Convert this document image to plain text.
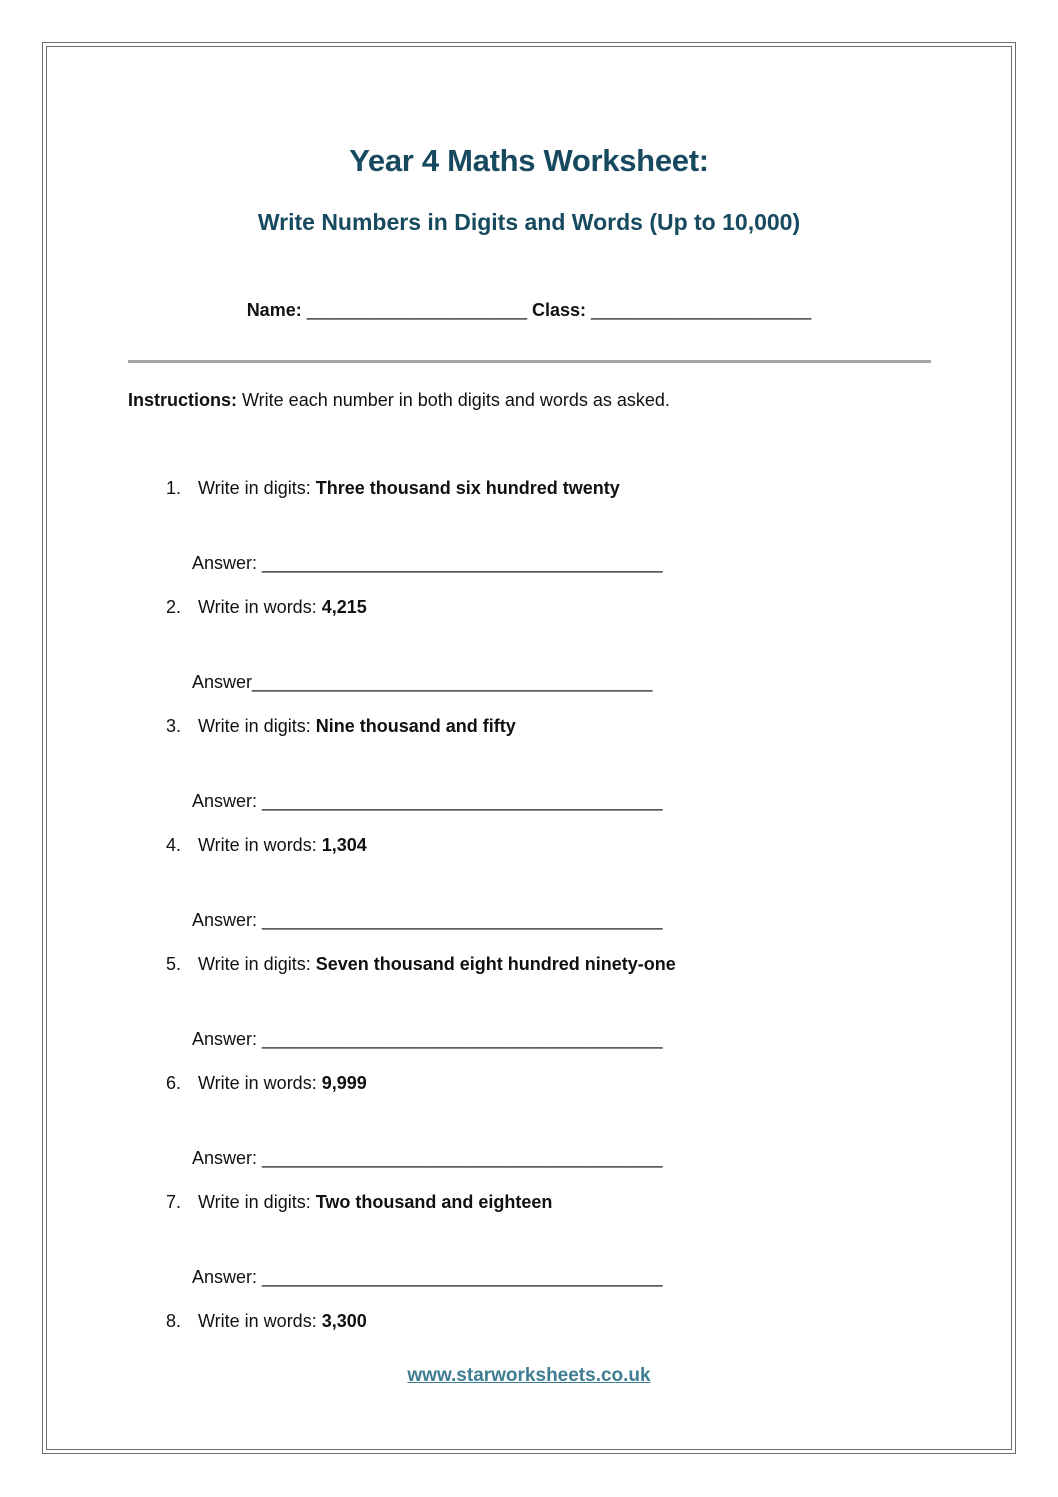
Year 4 Maths Worksheet:
Write Numbers in Digits and Words (Up to 10,000)
Name: ______________________ Class: ______________________
Instructions: Write each number in both digits and words as asked.
1. Write in digits: Three thousand six hundred twenty
Answer: ________________________________________
2. Write in words: 4,215
Answer________________________________________
3. Write in digits: Nine thousand and fifty
Answer: ________________________________________
4. Write in words: 1,304
Answer: ________________________________________
5. Write in digits: Seven thousand eight hundred ninety-one
Answer: ________________________________________
6. Write in words: 9,999
Answer: ________________________________________
7. Write in digits: Two thousand and eighteen
Answer: ________________________________________
8. Write in words: 3,300
www.starworksheets.co.uk
